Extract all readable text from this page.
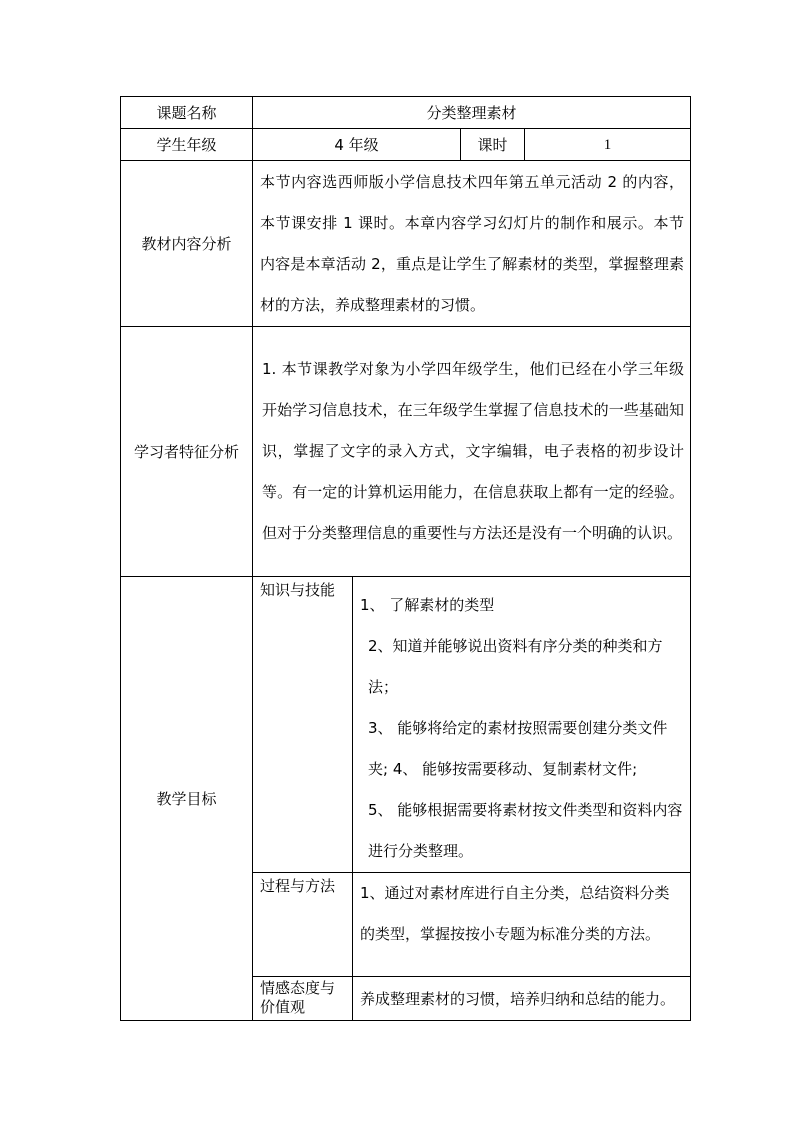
课题名称	分类整理素材			
学生年级	4 年级		课时	1
教材内容分析	本节内容选西师版小学信息技术四年第五单元活动 2 的内容，本节课安排 1 课时。本章内容学习幻灯片的制作和展示。本节内容是本章活动 2，重点是让学生了解素材的类型，掌握整理素材的方法，养成整理素材的习惯。			

学习者特征分析	1. 本节课教学对象为小学四年级学生，他们已经在小学三年级开始学习信息技术，在三年级学生掌握了信息技术的一些基础知识，掌握了文字的录入方式，文字编辑，电子表格的初步设计等。有一定的计算机运用能力，在信息获取上都有一定的经验。但对于分类整理信息的重要性与方法还是没有一个明确的认识。			

教学目标	知识与技能	1、 了解素材的类型

2、知道并能够说出资料有序分类的种类和方法；

3、 能够将给定的素材按照需要创建分类文件夹; 4、 能够按需要移动、复制素材文件;

5、 能够根据需要将素材按文件类型和资料内容进行分类整理。		

	过程与方法	1、通过对素材库进行自主分类，总结资料分类的类型，掌握按按小专题为标准分类的方法。		

	情感态度与价值观	养成整理素材的习惯，培养归纳和总结的能力。		
